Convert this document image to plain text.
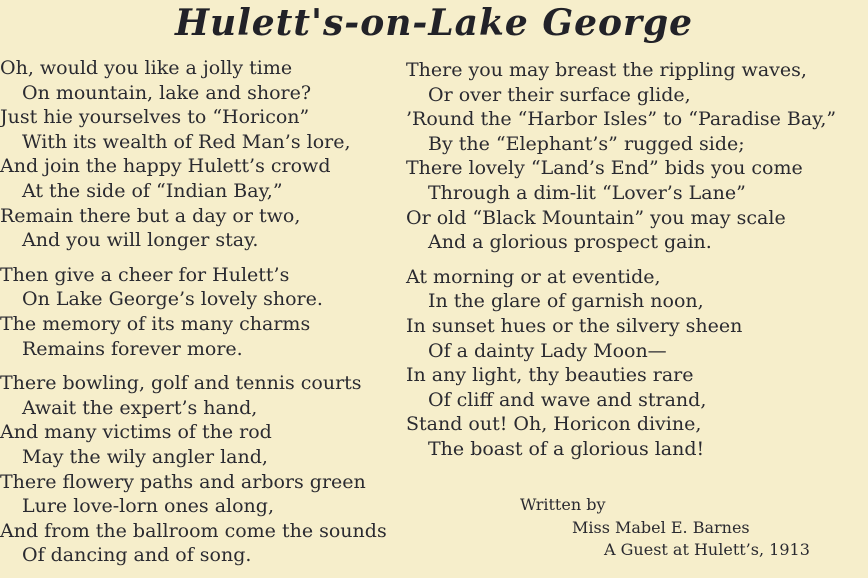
Hulett's-on-Lake George
Oh, would you like a jolly time
On mountain, lake and shore?
Just hie yourselves to “Horicon”
With its wealth of Red Man’s lore,
And join the happy Hulett’s crowd
At the side of “Indian Bay,”
Remain there but a day or two,
And you will longer stay.
Then give a cheer for Hulett’s
On Lake George’s lovely shore.
The memory of its many charms
Remains forever more.
There bowling, golf and tennis courts
Await the expert’s hand,
And many victims of the rod
May the wily angler land,
There flowery paths and arbors green
Lure love-lorn ones along,
And from the ballroom come the sounds
Of dancing and of song.
There you may breast the rippling waves,
Or over their surface glide,
’Round the “Harbor Isles” to “Paradise Bay,”
By the “Elephant’s” rugged side;
There lovely “Land’s End” bids you come
Through a dim-lit “Lover’s Lane”
Or old “Black Mountain” you may scale
And a glorious prospect gain.
At morning or at eventide,
In the glare of garnish noon,
In sunset hues or the silvery sheen
Of a dainty Lady Moon—
In any light, thy beauties rare
Of cliff and wave and strand,
Stand out! Oh, Horicon divine,
The boast of a glorious land!
Written by
Miss Mabel E. Barnes
A Guest at Hulett’s, 1913
